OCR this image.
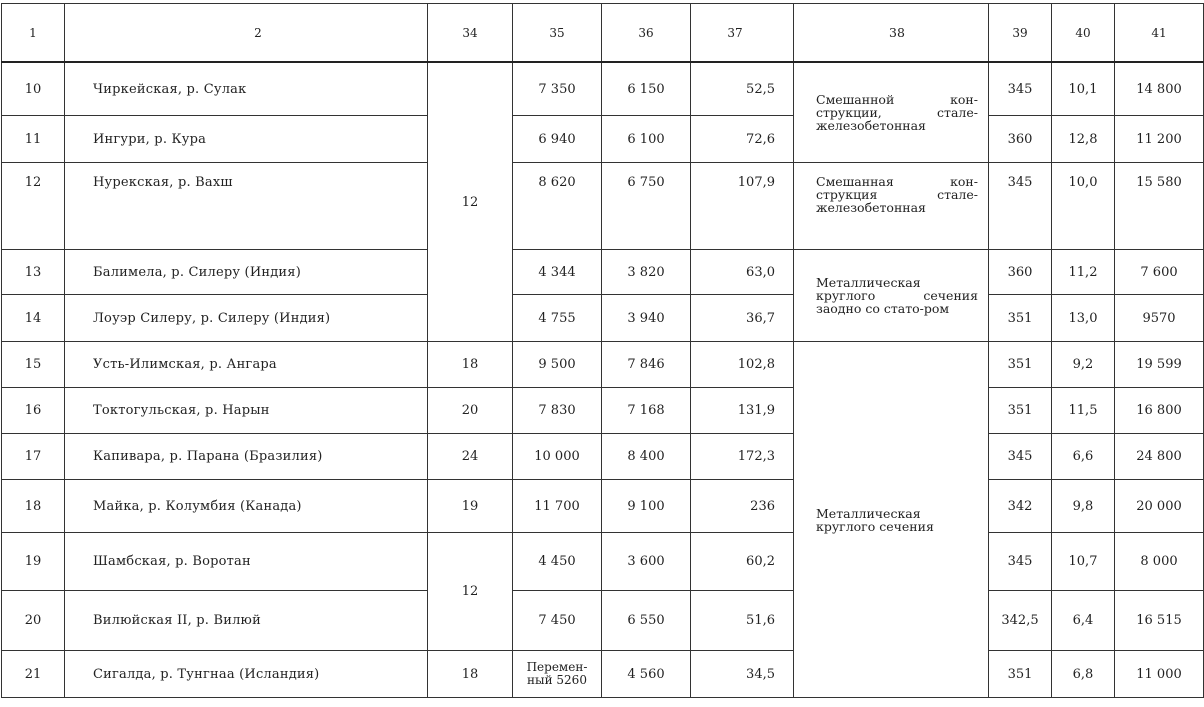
1	2	34	35	36	37	38	39	40	41
10	Чиркейская, р. Сулак	12	7 350	6 150	52,5	Смешанной кон-струкции, стале-железобетонная	345	10,1	14 800
11	Ингури, р. Кура		6 940	6 100	72,6		360	12,8	11 200
12	Нурекская, р. Вахш		8 620	6 750	107,9	Смешанная кон-струкция стале-железобетонная	345	10,0	15 580
13	Балимела, р. Силеру (Индия)		4 344	3 820	63,0	Металлическая круглого сечения заодно со стато-ром	360	11,2	7 600
14	Лоуэр Силеру, р. Силеру (Индия)		4 755	3 940	36,7		351	13,0	9570
15	Усть-Илимская, р. Ангара	18	9 500	7 846	102,8	Металлическая круглого сечения	351	9,2	19 599
16	Токтогульская, р. Нарын	20	7 830	7 168	131,9		351	11,5	16 800
17	Капивара, р. Парана (Бразилия)	24	10 000	8 400	172,3		345	6,6	24 800
18	Майка, р. Колумбия (Канада)	19	11 700	9 100	236		342	9,8	20 000
19	Шамбская, р. Воротан	12	4 450	3 600	60,2		345	10,7	8 000
20	Вилюйская II, р. Вилюй		7 450	6 550	51,6		342,5	6,4	16 515
21	Сигалда, р. Тунгнаа (Исландия)	18	Перемен-ный 5260	4 560	34,5		351	6,8	11 000
